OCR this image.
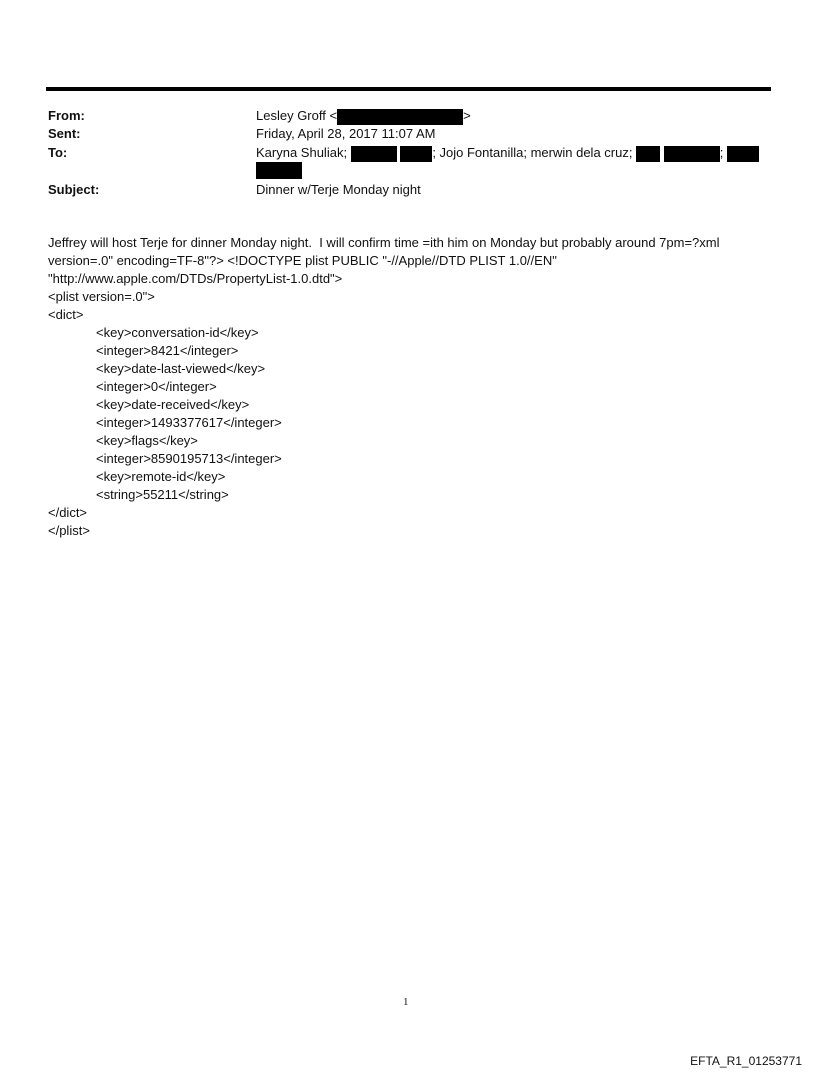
From:	Lesley Groff <	>
Sent:	Friday, April 28, 2017 11:07 AM
To:	Karyna Shuliak;	; Jojo Fontanilla; merwin dela cruz;	;
Subject:	Dinner w/Terje Monday night
Jeffrey will host Terje for dinner Monday night.  I will confirm time =ith him on Monday but probably around 7pm=?xml
version=.0" encoding=TF-8"?> <!DOCTYPE plist PUBLIC "-//Apple//DTD PLIST 1.0//EN"
"http://www.apple.com/DTDs/PropertyList-1.0.dtd">
<plist version=.0">
<dict>
<key>conversation-id</key>
<integer>8421</integer>
<key>date-last-viewed</key>
<integer>0</integer>
<key>date-received</key>
<integer>1493377617</integer>
<key>flags</key>
<integer>8590195713</integer>
<key>remote-id</key>
<string>55211</string>
</dict>
</plist>
1
EFTA_R1_01253771
